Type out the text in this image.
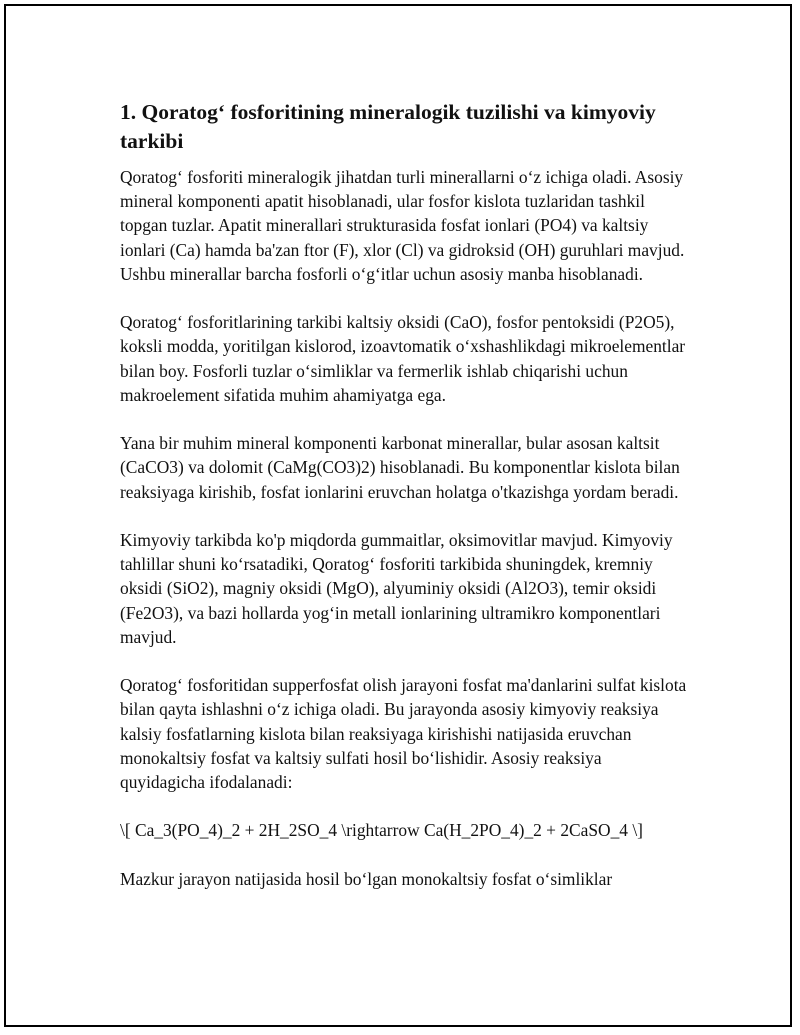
1. Qoratog‘ fosforitining mineralogik tuzilishi va kimyoviy tarkibi

Qoratog‘ fosforiti mineralogik jihatdan turli minerallarni o‘z ichiga oladi. Asosiy mineral komponenti apatit hisoblanadi, ular fosfor kislota tuzlaridan tashkil topgan tuzlar. Apatit minerallari strukturasida fosfat ionlari (PO4) va kaltsiy ionlari (Ca) hamda ba'zan ftor (F), xlor (Cl) va gidroksid (OH) guruhlari mavjud. Ushbu minerallar barcha fosforli o‘g‘itlar uchun asosiy manba hisoblanadi.

Qoratog‘ fosforitlarining tarkibi kaltsiy oksidi (CaO), fosfor pentoksidi (P2O5), koksli modda, yoritilgan kislorod, izoavtomatik o‘xshashlikdagi mikroelementlar bilan boy. Fosforli tuzlar o‘simliklar va fermerlik ishlab chiqarishi uchun makroelement sifatida muhim ahamiyatga ega.

Yana bir muhim mineral komponenti karbonat minerallar, bular asosan kaltsit (CaCO3) va dolomit (CaMg(CO3)2) hisoblanadi. Bu komponentlar kislota bilan reaksiyaga kirishib, fosfat ionlarini eruvchan holatga o'tkazishga yordam beradi.

Kimyoviy tarkibda ko'p miqdorda gummaitlar, oksimovitlar mavjud. Kimyoviy tahlillar shuni ko‘rsatadiki, Qoratog‘ fosforiti tarkibida shuningdek, kremniy oksidi (SiO2), magniy oksidi (MgO), alyuminiy oksidi (Al2O3), temir oksidi (Fe2O3), va bazi hollarda yog‘in metall ionlarining ultramikro komponentlari mavjud.

Qoratog‘ fosforitidan supperfosfat olish jarayoni fosfat ma'danlarini sulfat kislota bilan qayta ishlashni o‘z ichiga oladi. Bu jarayonda asosiy kimyoviy reaksiya kalsiy fosfatlarning kislota bilan reaksiyaga kirishishi natijasida eruvchan monokaltsiy fosfat va kaltsiy sulfati hosil bo‘lishidir. Asosiy reaksiya quyidagicha ifodalanadi:

\[ Ca_3(PO_4)_2 + 2H_2SO_4 \rightarrow Ca(H_2PO_4)_2 + 2CaSO_4 \]

Mazkur jarayon natijasida hosil bo‘lgan monokaltsiy fosfat o‘simliklar
